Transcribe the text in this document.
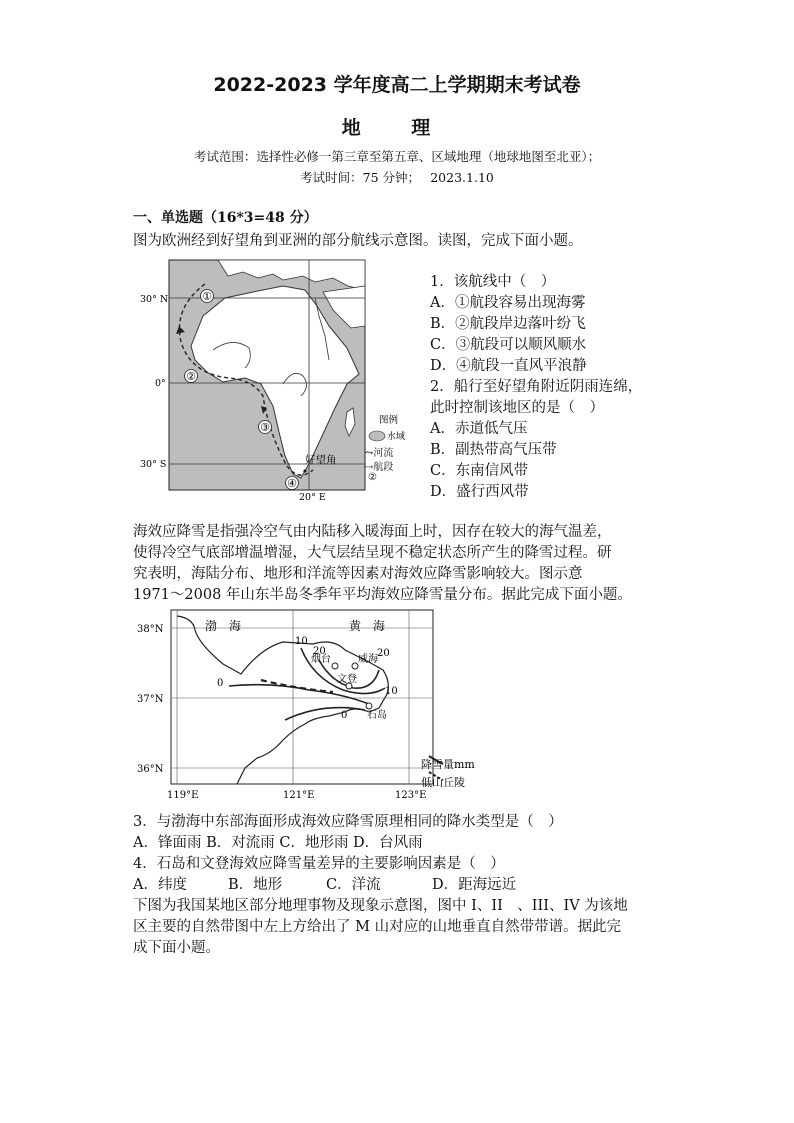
2022-2023 学年度高二上学期期末考试卷
地 理
考试范围：选择性必修一第三章至第五章、区域地理（地球地图至北亚）；
考试时间：75 分钟；　 2023.1.10
一、单选题（16*3=48 分）
图为欧洲经到好望角到亚洲的部分航线示意图。读图，完成下面小题。
①
②
③
④
30° N
0°
30° S
20° E
好望角
图例
水域
⤳河流
⇢航段
②
1．该航线中（　）
A．①航段容易出现海雾
B．②航段岸边落叶纷飞
C．③航段可以顺风顺水
D．④航段一直风平浪静
2．船行至好望角附近阴雨连绵，
此时控制该地区的是（　）
A．赤道低气压
B．副热带高气压带
C．东南信风带
D．盛行西风带
海效应降雪是指强冷空气由内陆移入暖海面上时，因存在较大的海气温差，
使得冷空气底部增温增湿，大气层结呈现不稳定状态所产生的降雪过程。研
究表明，海陆分布、地形和洋流等因素对海效应降雪影响较大。图示意
1971～2008 年山东半岛冬季年平均海效应降雪量分布。据此完成下面小题。
渤　海	黄　海
烟台	威海
文登
石岛
10
20	20
10
0
0
38°N
37°N
36°N
119°E	121°E	123°E
降雪量mm
低山丘陵
3．与渤海中东部海面形成海效应降雪原理相同的降水类型是（　）
A．锋面雨 B．对流雨 C．地形雨 D．台风雨
4．石岛和文登海效应降雪量差异的主要影响因素是（　）
A．纬度	B．地形	C．洋流	D．距海远近
下图为我国某地区部分地理事物及现象示意图，图中 I、II　、III、IV 为该地
区主要的自然带图中左上方给出了 M 山对应的山地垂直自然带带谱。据此完
成下面小题。
